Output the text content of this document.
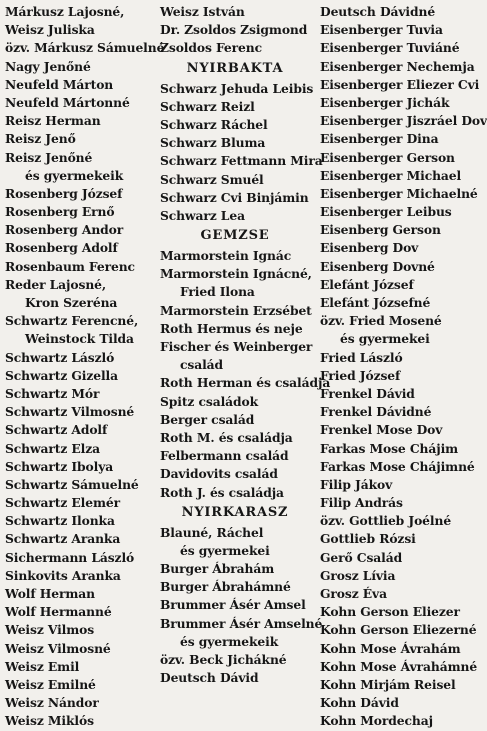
Márkusz Lajosné,
Weisz Juliska
özv. Márkusz Sámuelné
Nagy Jenőné
Neufeld Márton
Neufeld Mártonné
Reisz Herman
Reisz Jenő
Reisz Jenőné
és gyermekeik
Rosenberg József
Rosenberg Ernő
Rosenberg Andor
Rosenberg Adolf
Rosenbaum Ferenc
Reder Lajosné,
Kron Szeréna
Schwartz Ferencné,
Weinstock Tilda
Schwartz László
Schwartz Gizella
Schwartz Mór
Schwartz Vilmosné
Schwartz Adolf
Schwartz Elza
Schwartz Ibolya
Schwartz Sámuelné
Schwartz Elemér
Schwartz Ilonka
Schwartz Aranka
Sichermann László
Sinkovits Aranka
Wolf Herman
Wolf Hermanné
Weisz Vilmos
Weisz Vilmosné
Weisz Emil
Weisz Emilné
Weisz Nándor
Weisz Miklós
Weisz István
Dr. Zsoldos Zsigmond
Zsoldos Ferenc
NYIRBAKTA
Schwarz Jehuda Leibis
Schwarz Reizl
Schwarz Ráchel
Schwarz Bluma
Schwarz Fettmann Mira
Schwarz Smuél
Schwarz Cvi Binjámin
Schwarz Lea
GEMZSE
Marmorstein Ignác
Marmorstein Ignácné,
Fried Ilona
Marmorstein Erzsébet
Roth Hermus és neje
Fischer és Weinberger
család
Roth Herman és családja
Spitz családok
Berger család
Roth M. és családja
Felbermann család
Davidovits család
Roth J. és családja
NYIRKARASZ
Blauné, Ráchel
és gyermekei
Burger Ábrahám
Burger Ábrahámné
Brummer Ásér Amsel
Brummer Ásér Amselné
és gyermekeik
özv. Beck Jichákné
Deutsch Dávid
Deutsch Dávidné
Eisenberger Tuvia
Eisenberger Tuviáné
Eisenberger Nechemja
Eisenberger Eliezer Cvi
Eisenberger Jichák
Eisenberger Jiszráel Dov
Eisenberger Dina
Eisenberger Gerson
Eisenberger Michael
Eisenberger Michaelné
Eisenberger Leibus
Eisenberg Gerson
Eisenberg Dov
Eisenberg Dovné
Elefánt József
Elefánt Józsefné
özv. Fried Mosené
és gyermekei
Fried László
Fried József
Frenkel Dávid
Frenkel Dávidné
Frenkel Mose Dov
Farkas Mose Chájim
Farkas Mose Chájimné
Filip Jákov
Filip András
özv. Gottlieb Joélné
Gottlieb Rózsi
Gerő Család
Grosz Lívia
Grosz Éva
Kohn Gerson Eliezer
Kohn Gerson Eliezerné
Kohn Mose Ávrahám
Kohn Mose Ávrahámné
Kohn Mirjám Reisel
Kohn Dávid
Kohn Mordechaj
